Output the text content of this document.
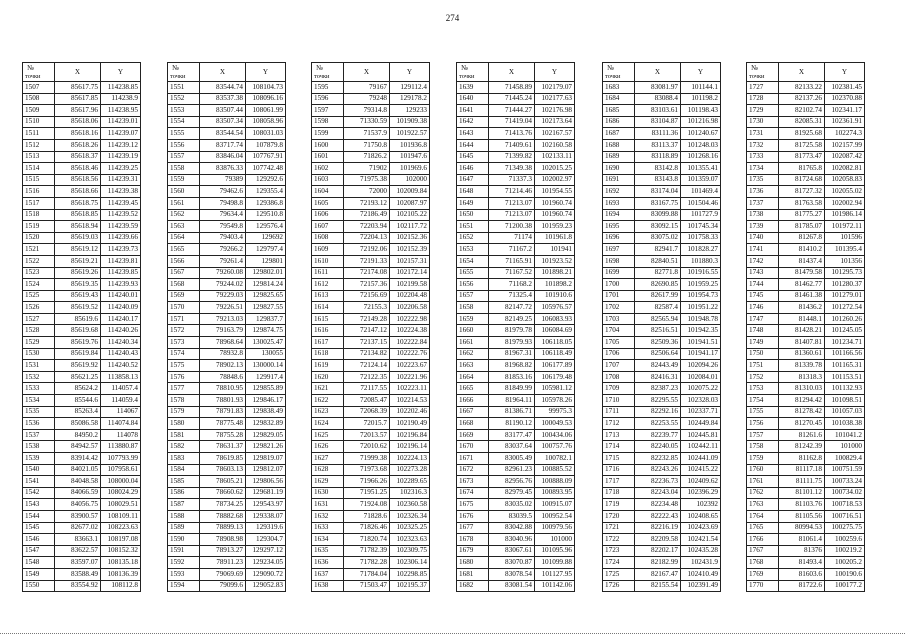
274
№	X	Y
точки		
1507	85617.75	114238.85
1508	85617.85	114238.9
1509	85617.96	114238.95
1510	85618.06	114239.01
1511	85618.16	114239.07
1512	85618.26	114239.12
1513	85618.37	114239.19
1514	85618.46	114239.25
1515	85618.56	114239.31
1516	85618.66	114239.38
1517	85618.75	114239.45
1518	85618.85	114239.52
1519	85618.94	114239.59
1520	85619.03	114239.66
1521	85619.12	114239.73
1522	85619.21	114239.81
1523	85619.26	114239.85
1524	85619.35	114239.93
1525	85619.43	114240.01
1526	85619.52	114240.09
1527	85619.6	114240.17
1528	85619.68	114240.26
1529	85619.76	114240.34
1530	85619.84	114240.43
1531	85619.92	114240.52
1532	85621.25	113858.13
1533	85624.2	114057.4
1534	85544.6	114059.4
1535	85263.4	114067
1536	85086.58	114074.84
1537	84950.2	114078
1538	84942.57	113880.87
1539	83914.42	107793.99
1540	84021.05	107958.61
1541	84048.58	108000.04
1542	84066.59	108024.29
1543	84056.75	108029.51
1544	83900.57	108109.11
1545	82677.02	108223.63
1546	83663.1	108197.08
1547	83622.57	108152.32
1548	83597.07	108135.18
1549	83588.49	108136.39
1550	83554.92	108112.8
№	X	Y
точки		
1551	83544.74	108104.73
1552	83537.38	108096.16
1553	83507.44	108061.99
1554	83507.34	108058.96
1555	83544.54	108031.03
1556	83717.74	107879.8
1557	83846.04	107767.91
1558	83876.33	107742.48
1559	79389	129292.6
1560	79462.6	129355.4
1561	79498.8	129386.8
1562	79634.4	129510.8
1563	79549.8	129576.4
1564	79403.4	129692
1565	79266.2	129797.4
1566	79261.4	129801
1567	79260.08	129802.01
1568	79244.02	129814.24
1569	79229.03	129825.65
1570	79226.51	129827.55
1571	79213.03	129837.7
1572	79163.79	129874.75
1573	78968.64	130025.47
1574	78932.8	130055
1575	78902.13	130000.14
1576	78848.6	129917.4
1577	78810.95	129855.89
1578	78801.93	129846.17
1579	78791.83	129838.49
1580	78775.48	129832.89
1581	78755.28	129829.05
1582	78631.37	129821.26
1583	78619.85	129819.07
1584	78603.13	129812.07
1585	78605.21	129806.56
1586	78660.62	129681.19
1587	78734.25	129543.97
1588	78882.68	129338.07
1589	78899.13	129319.6
1590	78908.98	129304.7
1591	78913.27	129297.12
1592	78911.23	129234.05
1593	79069.69	129090.72
1594	79099.6	129052.83
№	X	Y
точки		
1595	79167	129112.4
1596	79248	129178.2
1597	79314.8	129233
1598	71330.59	101909.38
1599	71537.9	101922.57
1600	71750.8	101936.8
1601	71826.2	101947.6
1602	71902	101969.6
1603	71975.38	102000
1604	72000	102009.84
1605	72193.12	102087.97
1606	72186.49	102105.22
1607	72203.94	102117.72
1608	72204.13	102152.36
1609	72192.06	102152.39
1610	72191.33	102157.31
1611	72174.08	102172.14
1612	72157.36	102199.58
1613	72156.69	102204.48
1614	72155.3	102206.58
1615	72149.28	102222.98
1616	72147.12	102224.38
1617	72137.15	102222.84
1618	72134.82	102222.76
1619	72124.14	102223.67
1620	72122.35	102221.96
1621	72117.55	102223.11
1622	72085.47	102214.53
1623	72068.39	102202.46
1624	72015.7	102190.49
1625	72013.57	102196.84
1626	72010.62	102196.14
1627	71999.38	102224.13
1628	71973.68	102273.28
1629	71966.26	102289.65
1630	71951.25	102316.3
1631	71924.08	102360.58
1632	71828.6	102326.34
1633	71826.46	102325.25
1634	71820.74	102323.63
1635	71782.39	102309.75
1636	71782.28	102306.14
1637	71784.04	102298.85
1638	71503.47	102195.37
№	X	Y
точки		
1639	71458.89	102179.07
1640	71445.24	102177.63
1641	71444.27	102176.98
1642	71419.04	102173.64
1643	71413.76	102167.57
1644	71409.61	102160.58
1645	71399.82	102133.11
1646	71349.38	102015.25
1647	71337.3	102002.97
1648	71214.46	101954.55
1649	71213.07	101960.74
1650	71213.07	101960.74
1651	71200.38	101959.23
1652	71174	101961.8
1653	71167.2	101941
1654	71165.91	101923.52
1655	71167.52	101898.21
1656	71168.2	101898.2
1657	71325.4	101910.6
1658	82147.72	105976.57
1659	82149.25	106083.93
1660	81979.78	106084.69
1661	81979.93	106118.05
1662	81967.31	106118.49
1663	81968.82	106177.89
1664	81853.16	106179.48
1665	81849.99	105981.12
1666	81964.11	105978.26
1667	81386.71	99975.3
1668	81190.12	100049.53
1669	83177.47	100434.06
1670	83037.64	100757.76
1671	83005.49	100782.1
1672	82961.23	100885.52
1673	82956.76	100888.09
1674	82979.45	100893.95
1675	83035.02	100915.07
1676	83039.5	100952.54
1677	83042.88	100979.56
1678	83040.96	101000
1679	83067.61	101095.96
1680	83070.87	101099.88
1681	83078.54	101127.95
1682	83081.54	101142.06
№	X	Y
точки		
1683	83081.97	101144.1
1684	83088.4	101198.2
1685	83103.61	101198.43
1686	83104.87	101216.98
1687	83111.36	101240.67
1688	83113.37	101248.03
1689	83118.89	101268.16
1690	83142.8	101355.41
1691	83143.8	101359.07
1692	83174.04	101469.4
1693	83167.75	101504.46
1694	83099.88	101727.9
1695	83092.15	101745.34
1696	83075.02	101758.33
1697	82941.7	101828.27
1698	82840.51	101880.3
1699	82771.8	101916.55
1700	82690.85	101959.25
1701	82617.99	101954.73
1702	82587.4	101951.22
1703	82565.94	101948.78
1704	82516.51	101942.35
1705	82509.36	101941.51
1706	82506.64	101941.17
1707	82443.49	102094.26
1708	82416.31	102084.01
1709	82387.23	102075.22
1710	82295.55	102328.03
1711	82292.16	102337.71
1712	82253.55	102449.84
1713	82239.77	102445.81
1714	82240.05	102442.11
1715	82232.85	102441.09
1716	82243.26	102415.22
1717	82236.73	102409.62
1718	82243.04	102396.29
1719	82234.48	102392
1720	82222.43	102408.65
1721	82216.19	102423.69
1722	82209.58	102421.54
1723	82202.17	102435.28
1724	82182.99	102431.9
1725	82167.47	102410.49
1726	82155.54	102391.49
№	X	Y
точки		
1727	82133.22	102381.45
1728	82137.26	102370.88
1729	82102.74	102341.17
1730	82085.31	102361.91
1731	81925.68	102274.3
1732	81725.58	102157.99
1733	81773.47	102087.42
1734	81765.8	102082.81
1735	81724.68	102058.83
1736	81727.32	102055.02
1737	81763.58	102002.94
1738	81775.27	101986.14
1739	81785.07	101972.11
1740	81267.8	101596
1741	81410.2	101395.4
1742	81437.4	101356
1743	81479.58	101295.73
1744	81462.77	101280.37
1745	81461.38	101279.01
1746	81436.2	101272.54
1747	81448.1	101260.26
1748	81428.21	101245.05
1749	81407.81	101234.71
1750	81360.61	101166.56
1751	81339.78	101165.31
1752	81318.3	101153.51
1753	81310.03	101132.93
1754	81294.42	101098.51
1755	81278.42	101057.03
1756	81270.45	101038.38
1757	81261.6	101041.2
1758	81242.39	101000
1759	81162.8	100829.4
1760	81117.18	100751.59
1761	81111.75	100733.24
1762	81101.12	100734.02
1763	81103.76	100718.53
1764	81105.56	100716.51
1765	80994.53	100275.75
1766	81061.4	100259.6
1767	81376	100219.2
1768	81493.4	100205.2
1769	81603.6	100190.6
1770	81722.6	100177.2
